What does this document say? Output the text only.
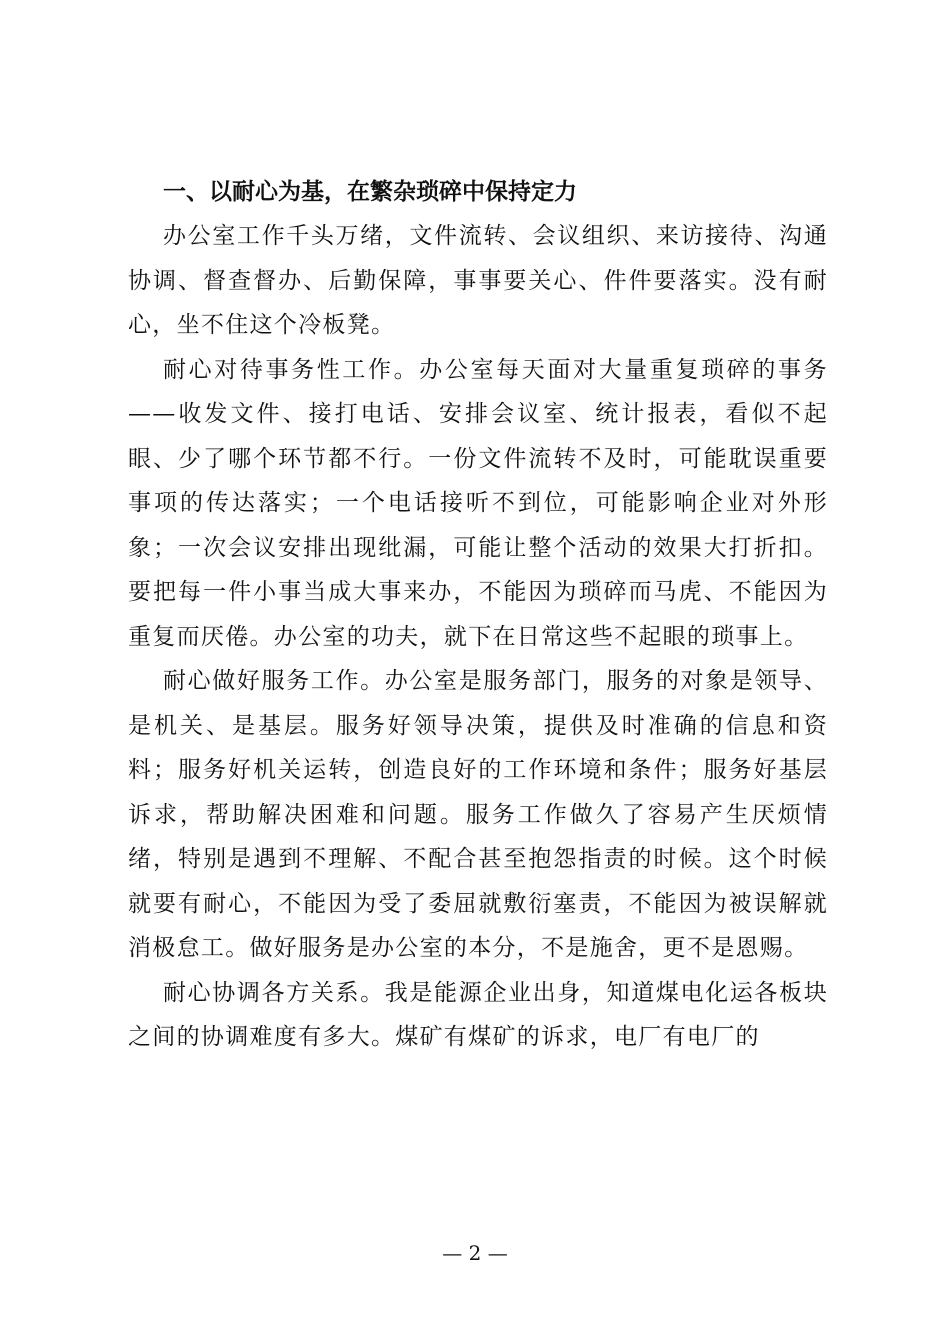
一、以耐心为基，在繁杂琐碎中保持定力

办公室工作千头万绪，文件流转、会议组织、来访接待、沟通协调、督查督办、后勤保障，事事要关心、件件要落实。没有耐心，坐不住这个冷板凳。

耐心对待事务性工作。办公室每天面对大量重复琐碎的事务——收发文件、接打电话、安排会议室、统计报表，看似不起眼、少了哪个环节都不行。一份文件流转不及时，可能耽误重要事项的传达落实；一个电话接听不到位，可能影响企业对外形象；一次会议安排出现纰漏，可能让整个活动的效果大打折扣。要把每一件小事当成大事来办，不能因为琐碎而马虎、不能因为重复而厌倦。办公室的功夫，就下在日常这些不起眼的琐事上。

耐心做好服务工作。办公室是服务部门，服务的对象是领导、是机关、是基层。服务好领导决策，提供及时准确的信息和资料；服务好机关运转，创造良好的工作环境和条件；服务好基层诉求，帮助解决困难和问题。服务工作做久了容易产生厌烦情绪，特别是遇到不理解、不配合甚至抱怨指责的时候。这个时候就要有耐心，不能因为受了委屈就敷衍塞责，不能因为被误解就消极怠工。做好服务是办公室的本分，不是施舍，更不是恩赐。

耐心协调各方关系。我是能源企业出身，知道煤电化运各板块之间的协调难度有多大。煤矿有煤矿的诉求，电厂有电厂的

— 2 —
